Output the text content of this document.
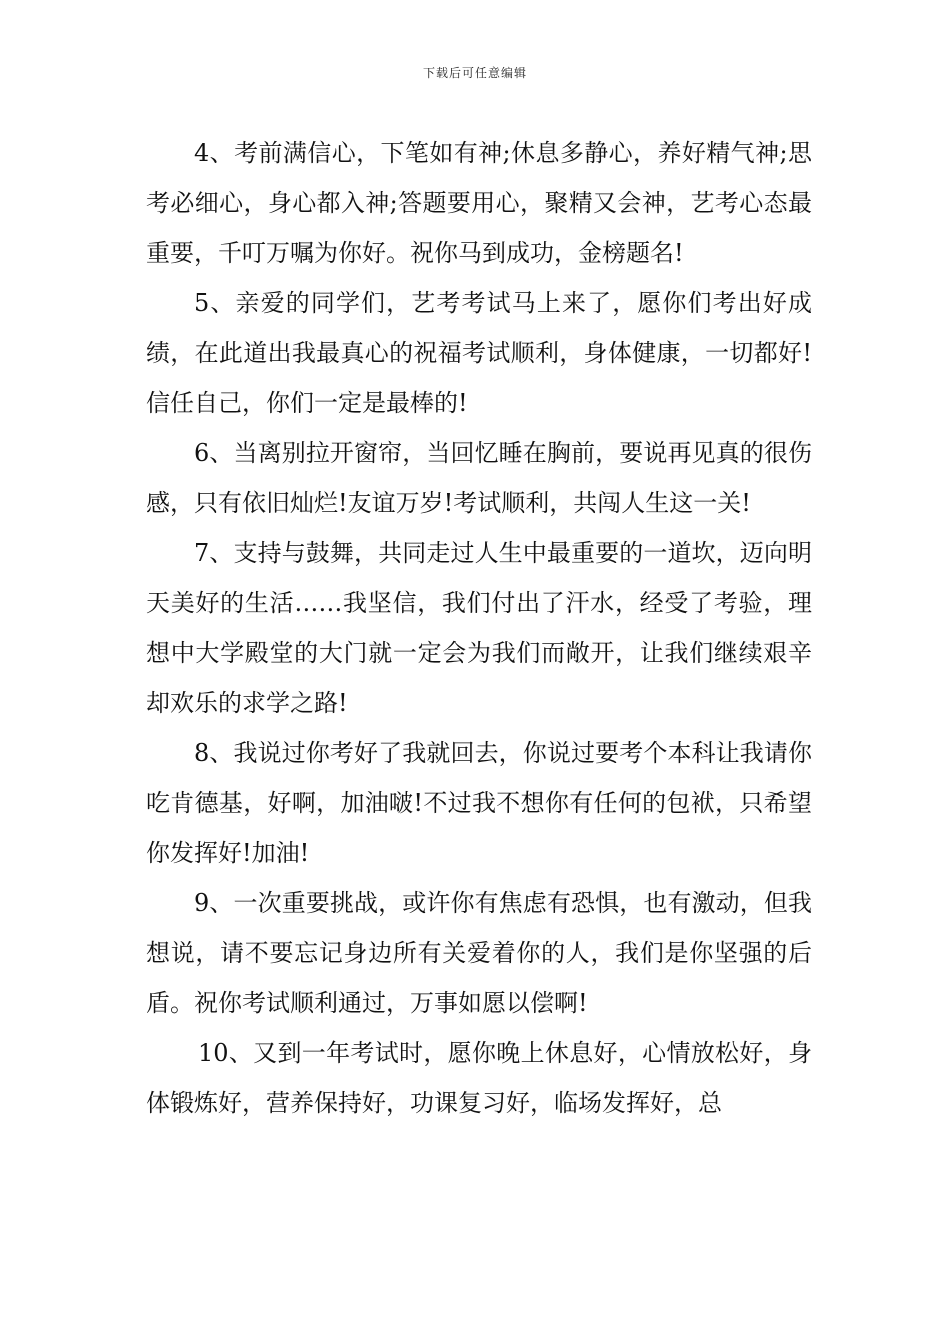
下载后可任意编辑

4、考前满信心，下笔如有神;休息多静心，养好精气神;思考必细心，身心都入神;答题要用心，聚精又会神，艺考心态最重要，千叮万嘱为你好。祝你马到成功，金榜题名!

5、亲爱的同学们，艺考考试马上来了，愿你们考出好成绩，在此道出我最真心的祝福考试顺利，身体健康，一切都好!信任自己，你们一定是最棒的!

6、当离别拉开窗帘，当回忆睡在胸前，要说再见真的很伤感，只有依旧灿烂!友谊万岁!考试顺利，共闯人生这一关!

7、支持与鼓舞，共同走过人生中最重要的一道坎，迈向明天美好的生活……我坚信，我们付出了汗水，经受了考验，理想中大学殿堂的大门就一定会为我们而敞开，让我们继续艰辛却欢乐的求学之路!

8、我说过你考好了我就回去，你说过要考个本科让我请你吃肯德基，好啊，加油啵!不过我不想你有任何的包袱，只希望你发挥好!加油!

9、一次重要挑战，或许你有焦虑有恐惧，也有激动，但我想说，请不要忘记身边所有关爱着你的人，我们是你坚强的后盾。祝你考试顺利通过，万事如愿以偿啊!

10、又到一年考试时，愿你晚上休息好，心情放松好，身体锻炼好，营养保持好，功课复习好，临场发挥好，总
